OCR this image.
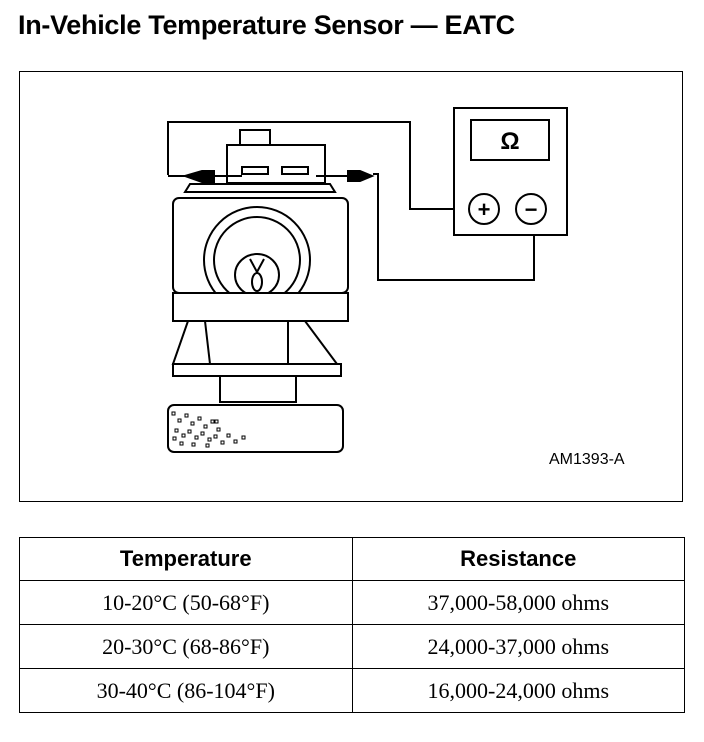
In-Vehicle Temperature Sensor — EATC
Ω
+ −
AM1393-A
Temperature	Resistance
10-20°C (50-68°F)	37,000-58,000 ohms
20-30°C (68-86°F)	24,000-37,000 ohms
30-40°C (86-104°F)	16,000-24,000 ohms
